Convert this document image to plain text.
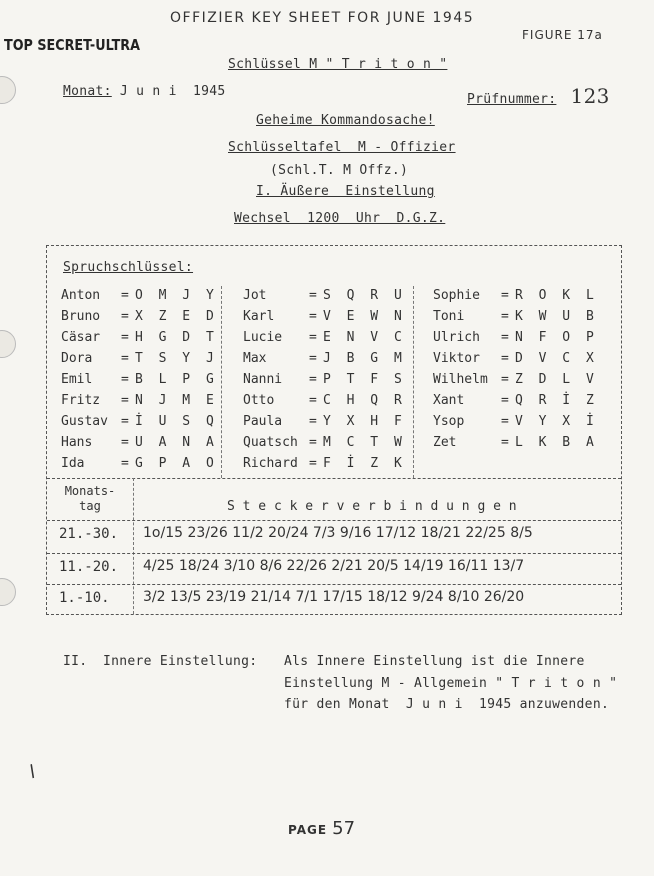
OFFIZIER KEY SHEET FOR JUNE 1945
FIGURE 17a
TOP SECRET-ULTRA
Schlüssel M " T r i t o n "
Monat: J u n i  1945
Prüfnummer: 123
Geheime Kommandosache!
Schlüsseltafel  M - Offizier
(Schl.T. M Offz.)
I. Äußere  Einstellung
Wechsel  1200  Uhr  D.G.Z.
Spruchschlüssel:
Anton = O M J Y
Bruno = X Z E D
Cäsar = H G D T
Dora = T S Y J
Emil = B L P G
Fritz = N J M E
Gustav = İ U S Q
Hans = U A N A
Ida	= G P A O
Jot	= S Q R U
Karl	= V E W N
Lucie = E N V C
Max	= J B G M
Nanni = P T F S
Otto	= C H Q R
Paula = Y X H F
Quatsch = M C T W
Richard = F İ Z K
Sophie = R O K L
Toni	= K W U B
Ulrich = N F O P
Viktor = D V C X
Wilhelm = Z D L V
Xant	= Q R İ Z
Ysop	= V Y X İ
Zet	= L K B A
Monats-
tag	S t e c k e r v e r b i n d u n g e n
21.-30. 1o/15 23/26 11/2 20/24 7/3 9/16 17/12 18/21 22/25 8/5
11.-20. 4/25 18/24 3/10 8/6 22/26 2/21 20/5 14/19 16/11 13/7
1.-10. 3/2 13/5 23/19 21/14 7/1 17/15 18/12 9/24 8/10 26/20
II. Innere Einstellung: Als Innere Einstellung ist die Innere
Einstellung M - Allgemein " T r i t o n "
für den Monat  J u n i  1945 anzuwenden.
l
PAGE 57
